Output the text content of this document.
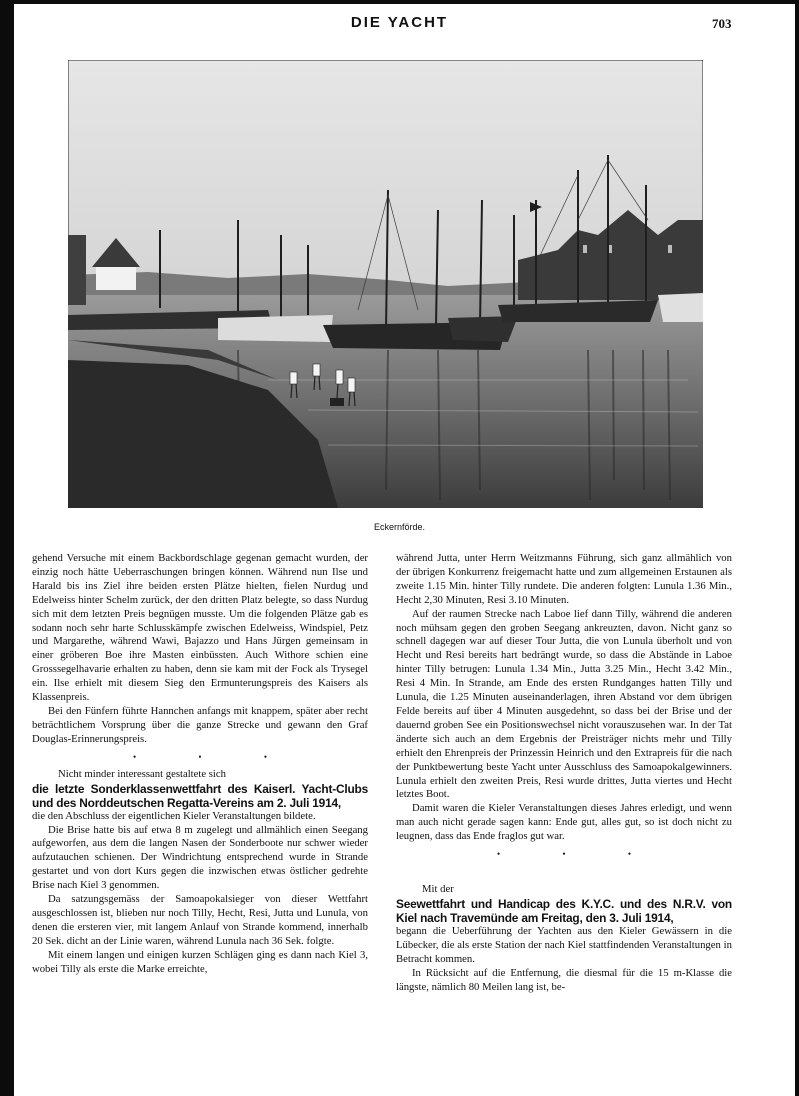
DIE YACHT	703
Eckernförde.

gehend Versuche mit einem Backbordschlage gegenan gemacht wurden, der einzig noch hätte Ueberraschungen bringen können. Während nun Ilse und Harald bis ins Ziel ihre beiden ersten Plätze hielten, fielen Nurdug und Edelweiss hinter Schelm zurück, der den dritten Platz belegte, so dass Nurdug sich mit dem letzten Preis begnügen musste. Um die folgenden Plätze gab es sodann noch sehr harte Schlusskämpfe zwischen Edelweiss, Windspiel, Petz und Margarethe, während Wawi, Bajazzo und Hans Jürgen gemeinsam in einer gröberen Boe ihre Masten einbüssten. Auch Withore schien eine Grosssegelhavarie erhalten zu haben, denn sie kam mit der Fock als Trysegel ein. Ilse erhielt mit diesem Sieg den Ermunterungspreis des Kaisers als Klassenpreis.

Bei den Fünfern führte Hannchen anfangs mit knappem, später aber recht beträchtlichem Vorsprung über die ganze Strecke und gewann den Graf Douglas-Erinnerungspreis.

• • •

Nicht minder interessant gestaltete sich

die letzte Sonderklassenwettfahrt des Kaiserl. Yacht-Clubs und des Norddeutschen Regatta-Vereins am 2. Juli 1914,

die den Abschluss der eigentlichen Kieler Veranstaltungen bildete.

Die Brise hatte bis auf etwa 8 m zugelegt und allmählich einen Seegang aufgeworfen, aus dem die langen Nasen der Sonderboote nur schwer wieder aufzutauchen schienen. Der Windrichtung entsprechend wurde in Strande gestartet und von dort Kurs gegen die inzwischen etwas östlicher gedrehte Brise nach Kiel 3 genommen.

Da satzungsgemäss der Samoapokalsieger von dieser Wettfahrt ausgeschlossen ist, blieben nur noch Tilly, Hecht, Resi, Jutta und Lunula, von denen die ersteren vier, mit langem Anlauf von Strande kommend, innerhalb 20 Sek. dicht an der Linie waren, während Lunula nach 36 Sek. folgte.

Mit einem langen und einigen kurzen Schlägen ging es dann nach Kiel 3, wobei Tilly als erste die Marke erreichte,

während Jutta, unter Herrn Weitzmanns Führung, sich ganz allmählich von der übrigen Konkurrenz freigemacht hatte und zum allgemeinen Erstaunen als zweite 1.15 Min. hinter Tilly rundete. Die anderen folgten: Lunula 1.36 Min., Hecht 2,30 Minuten, Resi 3.10 Minuten.

Auf der raumen Strecke nach Laboe lief dann Tilly, während die anderen noch mühsam gegen den groben Seegang ankreuzten, davon. Nicht ganz so schnell dagegen war auf dieser Tour Jutta, die von Lunula überholt und von Hecht und Resi bereits hart bedrängt wurde, so dass die Abstände in Laboe hinter Tilly betrugen: Lunula 1.34 Min., Jutta 3.25 Min., Hecht 3.42 Min., Resi 4 Min. In Strande, am Ende des ersten Rundganges hatten Tilly und Lunula, die 1.25 Minuten auseinanderlagen, ihren Abstand vor dem übrigen Felde bereits auf über 4 Minuten ausgedehnt, so dass bei der Brise und der dauernd groben See ein Positionswechsel nicht vorauszusehen war. In der Tat änderte sich auch an dem Ergebnis der Preisträger nichts mehr und Tilly erhielt den Ehrenpreis der Prinzessin Heinrich und den Extrapreis für die nach der Punktbewertung beste Yacht unter Ausschluss des Samoapokalgewinners. Lunula erhielt den zweiten Preis, Resi wurde drittes, Jutta viertes und Hecht letztes Boot.

Damit waren die Kieler Veranstaltungen dieses Jahres erledigt, und wenn man auch nicht gerade sagen kann: Ende gut, alles gut, so ist doch nicht zu leugnen, dass das Ende fraglos gut war.

• • •

Mit der

Seewettfahrt und Handicap des K.Y.C. und des N.R.V. von Kiel nach Travemünde am Freitag, den 3. Juli 1914,

begann die Ueberführung der Yachten aus den Kieler Gewässern in die Lübecker, die als erste Station der nach Kiel stattfindenden Veranstaltungen in Betracht kommen.

In Rücksicht auf die Entfernung, die diesmal für die 15 m-Klasse die längste, nämlich 80 Meilen lang ist, be-
